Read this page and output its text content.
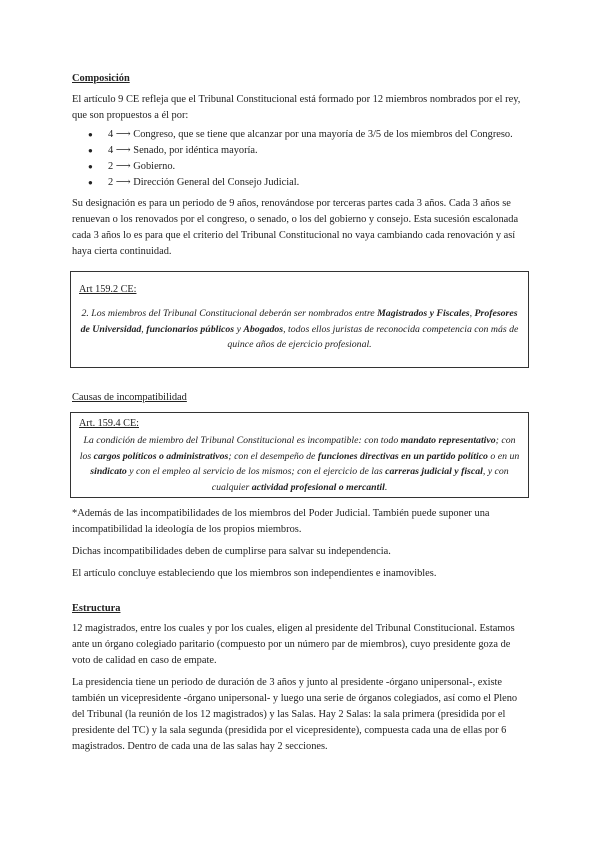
Composición

El artículo 9 CE refleja que el Tribunal Constitucional está formado por 12 miembros nombrados por el rey, que son propuestos a él por:

● 4 ⟶ Congreso, que se tiene que alcanzar por una mayoría de 3/5 de los miembros del Congreso.
● 4 ⟶ Senado, por idéntica mayoría.
● 2 ⟶ Gobierno.
● 2 ⟶ Dirección General del Consejo Judicial.

Su designación es para un periodo de 9 años, renovándose por terceras partes cada 3 años. Cada 3 años se renuevan o los renovados por el congreso, o senado, o los del gobierno y consejo. Esta sucesión escalonada cada 3 años lo es para que el criterio del Tribunal Constitucional no vaya cambiando cada renovación y así haya cierta continuidad.

Art 159.2 CE:

2. Los miembros del Tribunal Constitucional deberán ser nombrados entre Magistrados y Fiscales, Profesores de Universidad, funcionarios públicos y Abogados, todos ellos juristas de reconocida competencia con más de quince años de ejercicio profesional.

Causas de incompatibilidad
Art. 159.4 CE:

La condición de miembro del Tribunal Constitucional es incompatible: con todo mandato representativo; con los cargos políticos o administrativos; con el desempeño de funciones directivas en un partido político o en un sindicato y con el empleo al servicio de los mismos; con el ejercicio de las carreras judicial y fiscal, y con cualquier actividad profesional o mercantil.

*Además de las incompatibilidades de los miembros del Poder Judicial. También puede suponer una incompatibilidad la ideología de los propios miembros.

Dichas incompatibilidades deben de cumplirse para salvar su independencia.

El artículo concluye estableciendo que los miembros son independientes e inamovibles.

Estructura

12 magistrados, entre los cuales y por los cuales, eligen al presidente del Tribunal Constitucional. Estamos ante un órgano colegiado paritario (compuesto por un número par de miembros), cuyo presidente goza de voto de calidad en caso de empate.

La presidencia tiene un periodo de duración de 3 años y junto al presidente -órgano unipersonal-, existe también un vicepresidente -órgano unipersonal- y luego una serie de órganos colegiados, así como el Pleno del Tribunal (la reunión de los 12 magistrados) y las Salas. Hay 2 Salas: la sala primera (presidida por el presidente del TC) y la sala segunda (presidida por el vicepresidente), compuesta cada una de ellas por 6 magistrados. Dentro de cada una de las salas hay 2 secciones.
